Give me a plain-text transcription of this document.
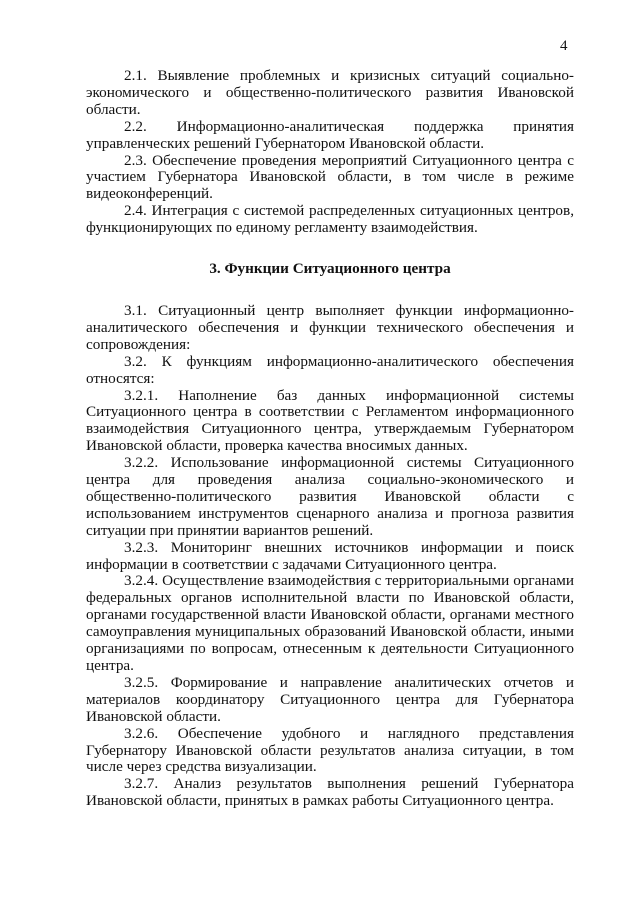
4

2.1. Выявление проблемных и кризисных ситуаций социально-экономического и общественно-политического развития Ивановской области.

2.2. Информационно-аналитическая поддержка принятия управленческих решений Губернатором Ивановской области.

2.3. Обеспечение проведения мероприятий Ситуационного центра с участием Губернатора Ивановской области, в том числе в режиме видеоконференций.

2.4. Интеграция с системой распределенных ситуационных центров, функционирующих по единому регламенту взаимодействия.

3. Функции Ситуационного центра

3.1. Ситуационный центр выполняет функции информационно-аналитического обеспечения и функции технического обеспечения и сопровождения:

3.2. К функциям информационно-аналитического обеспечения относятся:

3.2.1. Наполнение баз данных информационной системы Ситуационного центра в соответствии с Регламентом информационного взаимодействия Ситуационного центра, утверждаемым Губернатором Ивановской области, проверка качества вносимых данных.

3.2.2. Использование информационной системы Ситуационного центра для проведения анализа социально-экономического и общественно-политического развития Ивановской области с использованием инструментов сценарного анализа и прогноза развития ситуации при принятии вариантов решений.

3.2.3. Мониторинг внешних источников информации и поиск информации в соответствии с задачами Ситуационного центра.

3.2.4. Осуществление взаимодействия с территориальными органами федеральных органов исполнительной власти по Ивановской области, органами государственной власти Ивановской области, органами местного самоуправления муниципальных образований Ивановской области, иными организациями по вопросам, отнесенным к деятельности Ситуационного центра.

3.2.5. Формирование и направление аналитических отчетов и материалов координатору Ситуационного центра для Губернатора Ивановской области.

3.2.6. Обеспечение удобного и наглядного представления Губернатору Ивановской области результатов анализа ситуации, в том числе через средства визуализации.

3.2.7. Анализ результатов выполнения решений Губернатора Ивановской области, принятых в рамках работы Ситуационного центра.
